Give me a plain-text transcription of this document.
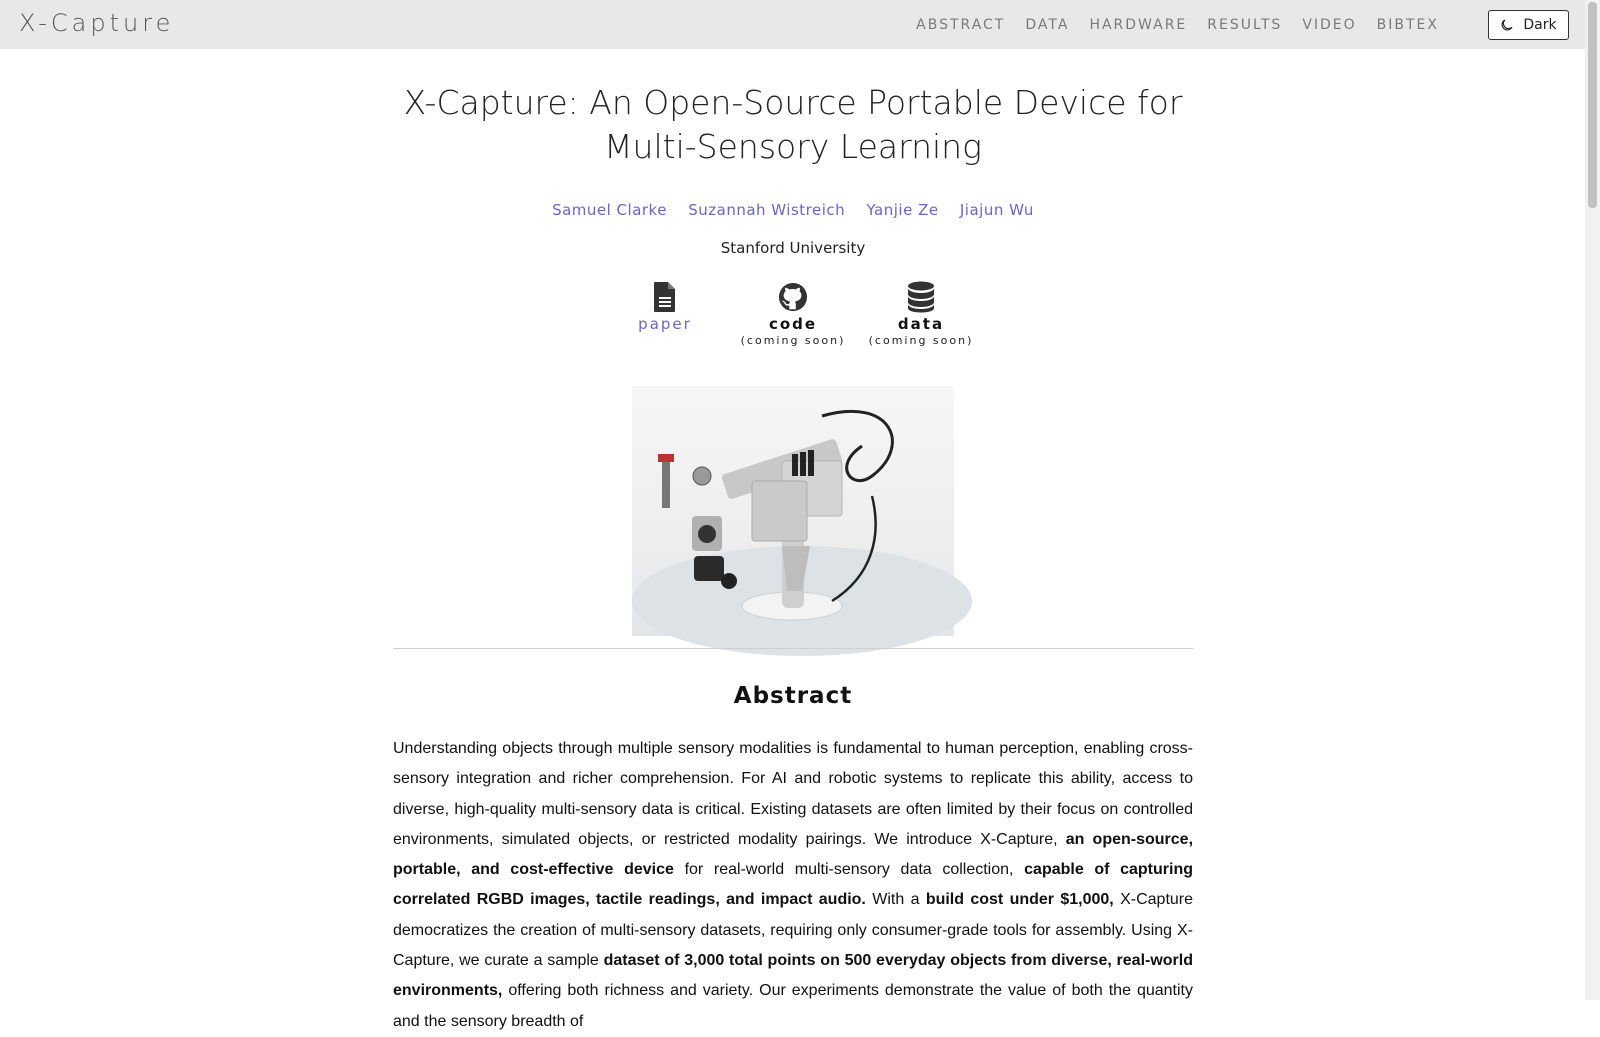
X-Capture	ABSTRACT DATA HARDWARE RESULTS VIDEO BIBTEX	Dark
X-Capture: An Open-Source Portable Device for Multi-Sensory Learning
Samuel Clarke Suzannah Wistreich Yanjie Ze Jiajun Wu
Stanford University
paper	code
(coming soon)
data
(coming soon)
Abstract

Understanding objects through multiple sensory modalities is fundamental to human perception, enabling cross-sensory integration and richer comprehension. For AI and robotic systems to replicate this ability, access to diverse, high-quality multi-sensory data is critical. Existing datasets are often limited by their focus on controlled environments, simulated objects, or restricted modality pairings. We introduce X-Capture, an open-source, portable, and cost-effective device for real-world multi-sensory data collection, capable of capturing correlated RGBD images, tactile readings, and impact audio. With a build cost under $1,000, X-Capture democratizes the creation of multi-sensory datasets, requiring only consumer-grade tools for assembly. Using X-Capture, we curate a sample dataset of 3,000 total points on 500 everyday objects from diverse, real-world environments, offering both richness and variety. Our experiments demonstrate the value of both the quantity and the sensory breadth of
